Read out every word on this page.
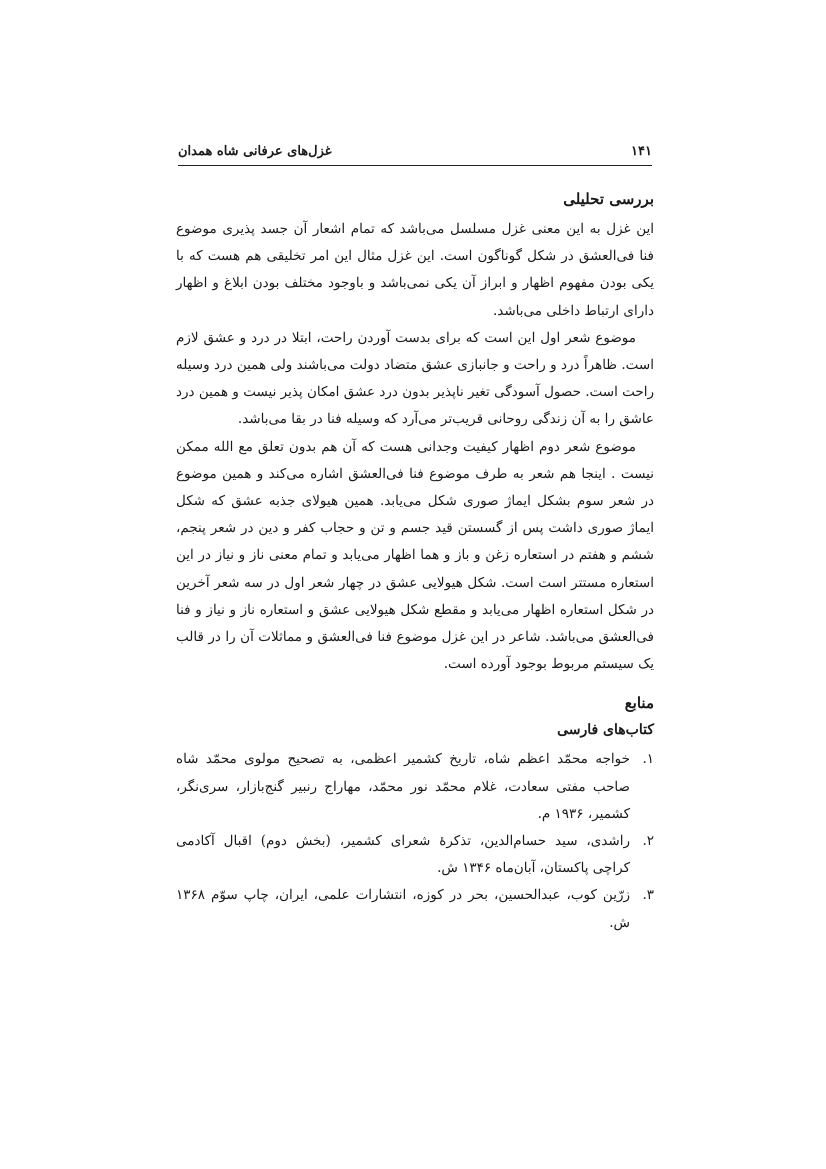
غزل‌های عرفانی شاه همدان	۱۴۱
بررسی تحلیلی

این غزل به این معنی غزل مسلسل می‌باشد که تمام اشعار آن جسد پذیری موضوع فنا فی‌العشق در شکل گوناگون است. این غزل مثال این امر تخلیقی هم هست که با یکی بودن مفهوم اظهار و ابراز آن یکی نمی‌باشد و باوجود مختلف بودن ابلاغ و اظهار دارای ارتباط داخلی می‌باشد.

موضوع شعر اول این است که برای بدست آوردن راحت، ابتلا در درد و عشق لازم است. ظاهراً درد و راحت و جانبازی عشق متضاد دولت می‌باشند ولی همین درد وسیله راحت است. حصول آسودگی تغیر ناپذیر بدون درد عشق امکان پذیر نیست و همین درد عاشق را به آن زندگی روحانی قریب‌تر می‌آرد که وسیله فنا در بقا می‌باشد.

موضوع شعر دوم اظهار کیفیت وجدانی هست که آن هم بدون تعلق مع الله ممکن نیست . اینجا هم شعر به طرف موضوع فنا فی‌العشق اشاره می‌کند و همین موضوع در شعر سوم بشکل ایماژ صوری شکل می‌یابد. همین هیولای جذبه عشق که شکل ایماژ صوری داشت پس از گسستن قید جسم و تن و حجاب کفر و دین در شعر پنجم، ششم و هفتم در استعاره زغن و باز و هما اظهار می‌یابد و تمام معنی ناز و نیاز در این استعاره مستتر است است. شکل هیولایی عشق در چهار شعر اول در سه شعر آخرین در شکل استعاره اظهار می‌یابد و مقطع شکل هیولایی عشق و استعاره ناز و نیاز و فنا فی‌العشق می‌باشد. شاعر در این غزل موضوع فنا فی‌العشق و مماثلات آن را در قالب یک سیستم مربوط بوجود آورده است.

منابع
کتاب‌های فارسی
۱.
خواجه محمّد اعظم شاه، تاریخ کشمیر اعظمی، به تصحیح مولوی محمّد شاه صاحب مفتی سعادت، غلام محمّد نور محمّد، مهاراج رنبیر گنج‌بازار، سری‌نگر، کشمیر، ۱۹۳۶ م.
۲.
راشدی، سید حسام‌الدین، تذکرهٔ شعرای کشمیر، (بخش دوم) اقبال آکادمی کراچی پاکستان، آبان‌ماه ۱۳۴۶ ش.
۳.
زرّین کوب، عبدالحسین، بحر در کوزه، انتشارات علمی، ایران، چاپ سوّم ۱۳۶۸ ش.
